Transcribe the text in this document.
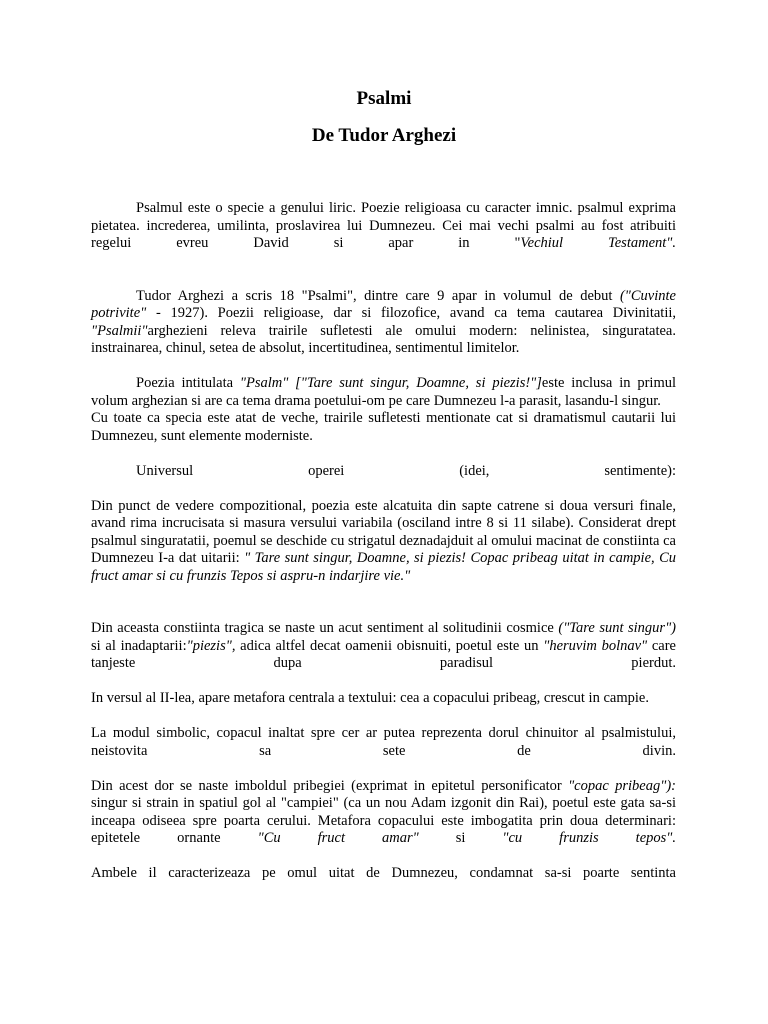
Psalmi
De Tudor Arghezi

Psalmul este o specie a genului liric. Poezie religioasa cu caracter imnic. psalmul exprima pietatea. increderea, umilinta, proslavirea lui Dumnezeu. Cei mai vechi psalmi au fost atribuiti regelui evreu David si apar in "Vechiul Testament".

Tudor Arghezi a scris 18 "Psalmi", dintre care 9 apar in volumul de debut ("Cuvinte potrivite" - 1927). Poezii religioase, dar si filozofice, avand ca tema cautarea Divinitatii, "Psalmii"arghezieni releva trairile sufletesti ale omului modern: nelinistea, singuratatea. instrainarea, chinul, setea de absolut, incertitudinea, sentimentul limitelor.

Poezia intitulata "Psalm" ["Tare sunt singur, Doamne, si piezis!"]este inclusa in primul volum arghezian si are ca tema drama poetului-om pe care Dumnezeu l-a parasit, lasandu-l singur.
Cu toate ca specia este atat de veche, trairile sufletesti mentionate cat si dramatismul cautarii lui Dumnezeu, sunt elemente moderniste.

Universul operei (idei, sentimente):

Din punct de vedere compozitional, poezia este alcatuita din sapte catrene si doua versuri finale, avand rima incrucisata si masura versului variabila (osciland intre 8 si 11 silabe). Considerat drept psalmul singuratatii, poemul se deschide cu strigatul deznadajduit al omului macinat de constiinta ca Dumnezeu I-a dat uitarii: " Tare sunt singur, Doamne, si piezis! Copac pribeag uitat in campie, Cu fruct amar si cu frunzis Tepos si aspru-n indarjire vie."

Din aceasta constiinta tragica se naste un acut sentiment al solitudinii cosmice ("Tare sunt singur") si al inadaptarii:"piezis", adica altfel decat oamenii obisnuiti, poetul este un "heruvim bolnav" care tanjeste dupa paradisul pierdut.

In versul al II-lea, apare metafora centrala a textului: cea a copacului pribeag, crescut in campie.

La modul simbolic, copacul inaltat spre cer ar putea reprezenta dorul chinuitor al psalmistului, neistovita sa sete de divin.

Din acest dor se naste imboldul pribegiei (exprimat in epitetul personificator "copac pribeag"): singur si strain in spatiul gol al "campiei" (ca un nou Adam izgonit din Rai), poetul este gata sa-si inceapa odiseea spre poarta cerului. Metafora copacului este imbogatita prin doua determinari: epitetele ornante "Cu fruct amar" si "cu frunzis tepos".

Ambele il caracterizeaza pe omul uitat de Dumnezeu, condamnat sa-si poarte sentinta
